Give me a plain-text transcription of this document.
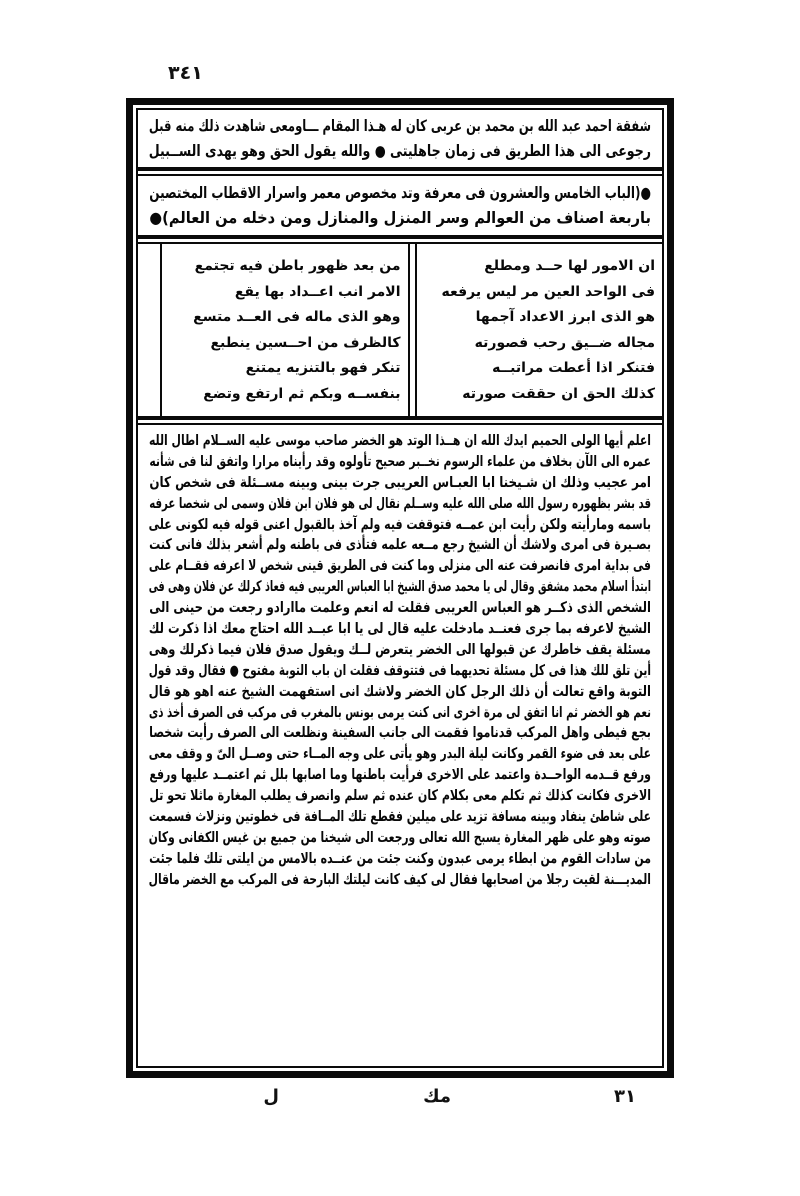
٣٤١
شفقة احمد عبد الله بن محمد بن عربى كان له هـذا المقام ـــاومعى شاهدت ذلك منه قبل
رجوعى الى هذا الطريق فى زمان جاهليتى ● والله يقول الحق وهو يهدى الســبيل
●(الباب الخامس والعشرون فى معرفة وتد مخصوص معمر واسرار الاقطاب المختصين
باربعة اصناف من العوالم وسر المنزل والمنازل ومن دخله من العالم)●
ان الامور لها حــد ومطلع
فى الواحد العين مر ليس يرفعه
هو الذى ابرز الاعداد آجمها
مجاله ضــيق رحب فصورته
فتنكر اذا أعطت مراتبــه
كذلك الحق ان حققت صورته
من بعد ظهور باطن فيه تجتمع
الامر انب اعــداد بها يقع
وهو الذى ماله فى العــد متسع
كالظرف من احــسين ينطبع
تنكر فهو بالتنزيه يمتنع
بنفســه وبكم ثم ارتفع وتضع
اعلم أيها الولى الحميم ايدك الله ان هــذا الوتد هو الخضر صاحب موسى عليه الســلام اطال الله
عمره الى الآن بخلاف من علماء الرسوم نخــبر صحيح تأولوه وقد رأيناه مرارا واتفق لنا فى شأنه
امر عجيب وذلك ان شـيخنا ابا العبـاس العريبى جرت بينى وبينه مســئلة فى شخص كان
قد بشر بظهوره رسول الله صلى الله عليه وســلم نقال لى هو فلان ابن فلان وسمى لى شخصا عرفه
باسمه ومارأيته ولكن رأيت ابن عمــه فتوقفت فيه ولم آخذ بالقبول اعنى قوله فيه لكونى على
بصـيرة فى امرى ولاشك أن الشيخ رجع مــعه علمه فتأذى فى باطنه ولم أشعر بذلك فانى كنت
فى بداية امرى فانصرفت عنه الى منزلى وما كنت فى الطريق قينى شخص لا اعرفه فقــام على
ابتدأ اسلام محمد مشفق وقال لى يا محمد صدق الشيخ ابا العباس العريبى فيه فعاذ كرلك عن فلان وهى فى
الشخص الذى ذكــر هو العباس العريبى فقلت له انعم وعلمت ماارادو رجعت من حينى الى
الشيخ لاعرفه بما جرى فعنــد مادخلت عليه قال لى يا ابا عبــد الله احتاج معك اذا ذكرت لك
مسئلة يقف خاطرك عن قبولها الى الخضر يتعرض لــك ويقول صدق فلان فيما ذكرلك وهى
أين تلق للك هذا فى كل مسئلة تحديهما فى فتتوقف فقلت ان باب التوبة مفتوح ● فقال وقد قول
التوبة واقع تعالت أن ذلك الرجل كان الخضر ولاشك انى استفهمت الشيخ عنه اهو هو قال
نعم هو الخضر ثم انا اتفق لى مرة اخرى انى كنت يرمى بونس بالمغرب فى مركب فى الصرف أخذ ذى
بجع فيطى واهل المركب قدناموا فقمت الى جانب السفينة ونظلعت الى الصرف رأيت شخصا
على بعد فى ضوء القمر وكانت ليلة البدر وهو يأتى على وجه المــاء حتى وصــل الىّ و وقف معى
ورفع قــدمه الواحــدة واعتمد على الاخرى فرأيت باطنها وما اصابها بلل ثم اعتمــد عليها ورفع
الاخرى فكانت كذلك ثم تكلم معى بكلام كان عنده ثم سلم وانصرف يطلب المغارة ماثلا تحو تل
على شاطئ ينفاد وبينه مسافة تزيد على ميلين فقطع تلك المــافة فى خطوتين ونزلاث فسمعت
صوته وهو على ظهر المغارة يسبح الله تعالى ورجعت الى شيخنا من جميع بن غيس الكفانى وكان
من سادات القوم من ابطاء يرمى عبدون وكنت جئت من عنــده بالامس من ايلتى تلك فلما جئت
المديـــنة لقيت رجلا من اصحابها فقال لى كيف كانت ليلتك البارحة فى المركب مع الخضر ماقال
٣١
مك
ل
